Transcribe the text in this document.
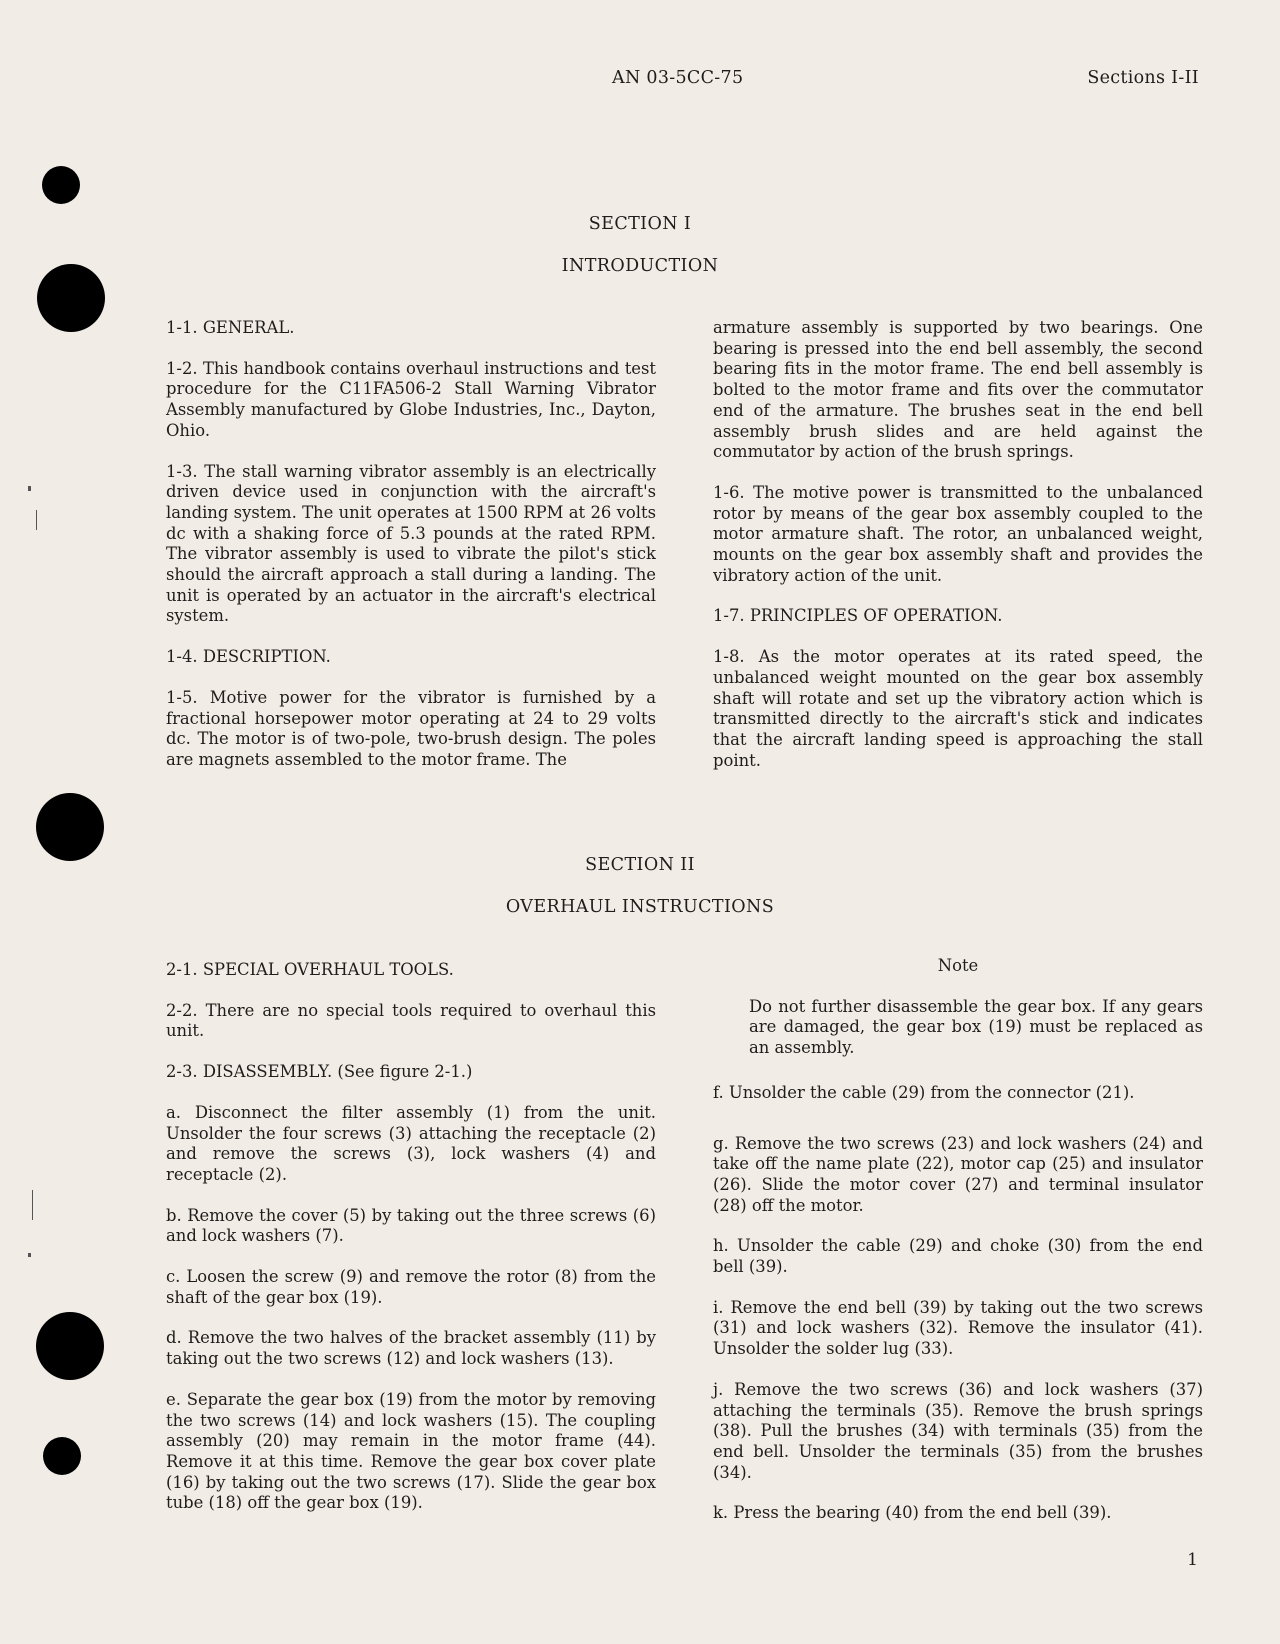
AN 03-5CC-75	Sections I-II
SECTION I
INTRODUCTION

1-1. GENERAL.

1-2. This handbook contains overhaul instructions and test procedure for the C11FA506-2 Stall Warning Vibrator Assembly manufactured by Globe Industries, Inc., Dayton, Ohio.

1-3. The stall warning vibrator assembly is an electrically driven device used in conjunction with the aircraft's landing system. The unit operates at 1500 RPM at 26 volts dc with a shaking force of 5.3 pounds at the rated RPM. The vibrator assembly is used to vibrate the pilot's stick should the aircraft approach a stall during a landing. The unit is operated by an actuator in the aircraft's electrical system.

1-4. DESCRIPTION.

1-5. Motive power for the vibrator is furnished by a fractional horsepower motor operating at 24 to 29 volts dc. The motor is of two-pole, two-brush design. The poles are magnets assembled to the motor frame. The

armature assembly is supported by two bearings. One bearing is pressed into the end bell assembly, the second bearing fits in the motor frame. The end bell assembly is bolted to the motor frame and fits over the commutator end of the armature. The brushes seat in the end bell assembly brush slides and are held against the commutator by action of the brush springs.

1-6. The motive power is transmitted to the unbalanced rotor by means of the gear box assembly coupled to the motor armature shaft. The rotor, an unbalanced weight, mounts on the gear box assembly shaft and provides the vibratory action of the unit.

1-7. PRINCIPLES OF OPERATION.

1-8. As the motor operates at its rated speed, the unbalanced weight mounted on the gear box assembly shaft will rotate and set up the vibratory action which is transmitted directly to the aircraft's stick and indicates that the aircraft landing speed is approaching the stall point.

SECTION II
OVERHAUL INSTRUCTIONS

2-1. SPECIAL OVERHAUL TOOLS.

2-2. There are no special tools required to overhaul this unit.

2-3. DISASSEMBLY. (See figure 2-1.)

a. Disconnect the filter assembly (1) from the unit. Unsolder the four screws (3) attaching the receptacle (2) and remove the screws (3), lock washers (4) and receptacle (2).

b. Remove the cover (5) by taking out the three screws (6) and lock washers (7).

c. Loosen the screw (9) and remove the rotor (8) from the shaft of the gear box (19).

d. Remove the two halves of the bracket assembly (11) by taking out the two screws (12) and lock washers (13).

e. Separate the gear box (19) from the motor by removing the two screws (14) and lock washers (15). The coupling assembly (20) may remain in the motor frame (44). Remove it at this time. Remove the gear box cover plate (16) by taking out the two screws (17). Slide the gear box tube (18) off the gear box (19).

Note

Do not further disassemble the gear box. If any gears are damaged, the gear box (19) must be replaced as an assembly.

f. Unsolder the cable (29) from the connector (21).

g. Remove the two screws (23) and lock washers (24) and take off the name plate (22), motor cap (25) and insulator (26). Slide the motor cover (27) and terminal insulator (28) off the motor.

h. Unsolder the cable (29) and choke (30) from the end bell (39).

i. Remove the end bell (39) by taking out the two screws (31) and lock washers (32). Remove the insulator (41). Unsolder the solder lug (33).

j. Remove the two screws (36) and lock washers (37) attaching the terminals (35). Remove the brush springs (38). Pull the brushes (34) with terminals (35) from the end bell. Unsolder the terminals (35) from the brushes (34).

k. Press the bearing (40) from the end bell (39).

1
